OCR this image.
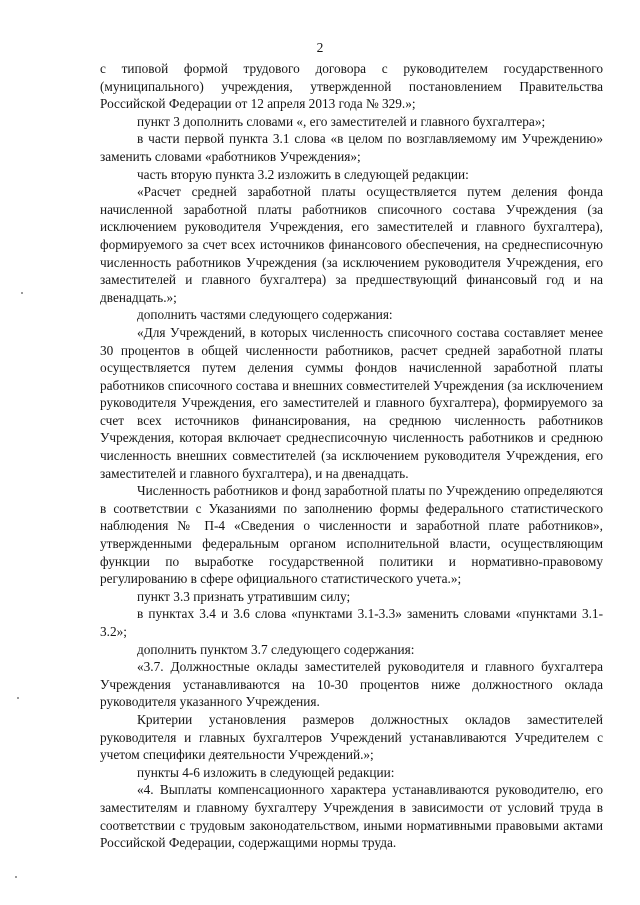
2

с типовой формой трудового договора с руководителем государственного (муниципального) учреждения, утвержденной постановлением Правительства Российской Федерации от 12 апреля 2013 года № 329.»;

пункт 3 дополнить словами «, его заместителей и главного бухгалтера»;

в части первой пункта 3.1 слова «в целом по возглавляемому им Учреждению» заменить словами «работников Учреждения»;

часть вторую пункта 3.2 изложить в следующей редакции:

«Расчет средней заработной платы осуществляется путем деления фонда начисленной заработной платы работников списочного состава Учреждения (за исключением руководителя Учреждения, его заместителей и главного бухгалтера), формируемого за счет всех источников финансового обеспечения, на среднесписочную численность работников Учреждения (за исключением руководителя Учреждения, его заместителей и главного бухгалтера) за предшествующий финансовый год и на двенадцать.»;

дополнить частями следующего содержания:

«Для Учреждений, в которых численность списочного состава составляет менее 30 процентов в общей численности работников, расчет средней заработной платы осуществляется путем деления суммы фондов начисленной заработной платы работников списочного состава и внешних совместителей Учреждения (за исключением руководителя Учреждения, его заместителей и главного бухгалтера), формируемого за счет всех источников финансирования, на среднюю численность работников Учреждения, которая включает среднесписочную численность работников и среднюю численность внешних совместителей (за исключением руководителя Учреждения, его заместителей и главного бухгалтера), и на двенадцать.

Численность работников и фонд заработной платы по Учреждению определяются в соответствии с Указаниями по заполнению формы федерального статистического наблюдения № П-4 «Сведения о численности и заработной плате работников», утвержденными федеральным органом исполнительной власти, осуществляющим функции по выработке государственной политики и нормативно-правовому регулированию в сфере официального статистического учета.»;

пункт 3.3 признать утратившим силу;

в пунктах 3.4 и 3.6 слова «пунктами 3.1-3.3» заменить словами «пунктами 3.1-3.2»;

дополнить пунктом 3.7 следующего содержания:

«3.7. Должностные оклады заместителей руководителя и главного бухгалтера Учреждения устанавливаются на 10-30 процентов ниже должностного оклада руководителя указанного Учреждения.

Критерии установления размеров должностных окладов заместителей руководителя и главных бухгалтеров Учреждений устанавливаются Учредителем с учетом специфики деятельности Учреждений.»;

пункты 4-6 изложить в следующей редакции:

«4. Выплаты компенсационного характера устанавливаются руководителю, его заместителям и главному бухгалтеру Учреждения в зависимости от условий труда в соответствии с трудовым законодательством, иными нормативными правовыми актами Российской Федерации, содержащими нормы труда.
